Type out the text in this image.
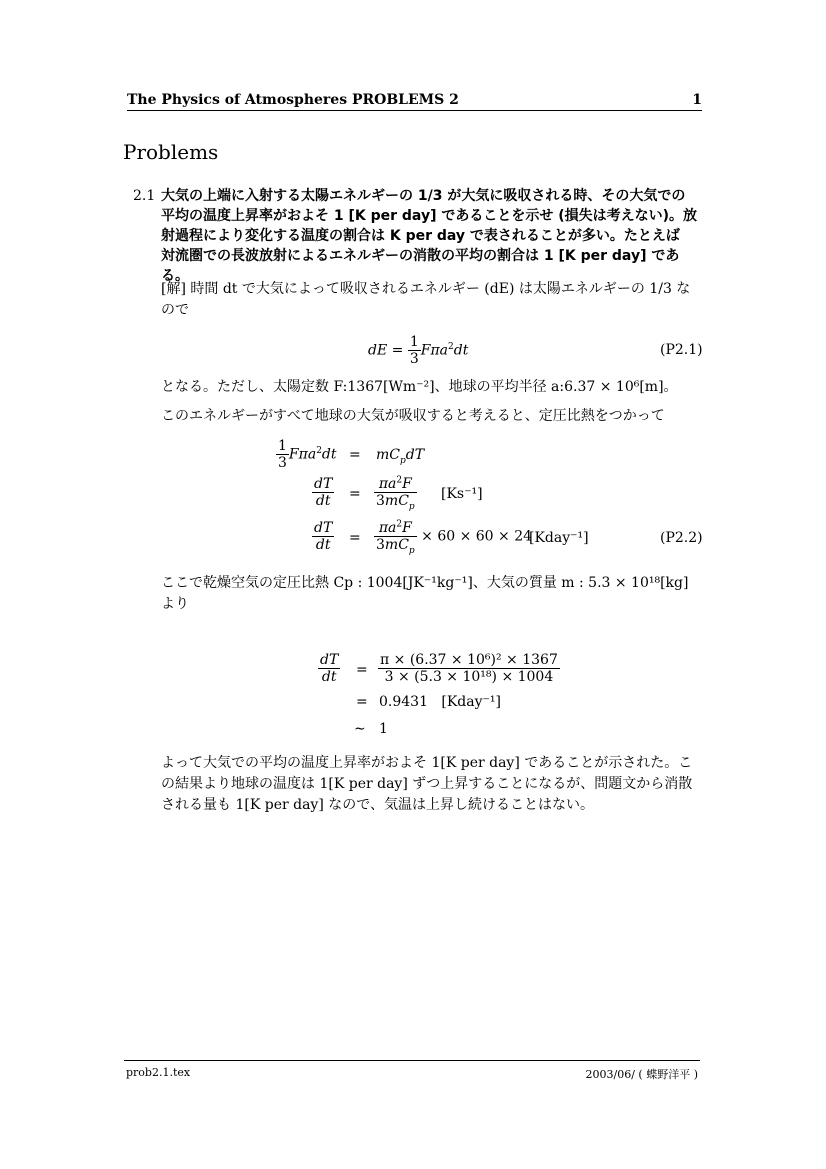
The Physics of Atmospheres PROBLEMS 2	1
Problems
2.1 大気の上端に入射する太陽エネルギーの 1/3 が大気に吸収される時、その大気での
平均の温度上昇率がおよそ 1 [K per day] であることを示せ (損失は考えない)。放
射過程により変化する温度の割合は K per day で表されることが多い。たとえば
対流圏での長波放射によるエネルギーの消散の平均の割合は 1 [K per day] である。
[解] 時間 dt で大気によって吸収されるエネルギー (dE) は太陽エネルギーの 1/3 な
ので
dE = $\frac{1}{3} F\pi a^2dt$	(P2.1)
となる。ただし、太陽定数 F:1367[Wm⁻²]、地球の平均半径 a:6.37 × 10⁶[m]。
このエネルギーがすべて地球の大気が吸収すると考えると、定圧比熱をつかって
$\frac{1}{3} F\pi a^2dt = mC_pdT$
$\frac{dT}{dt} = \frac{\pi a^2F}{3mC_p} [Ks^{-1}]$
$\frac{dT}{dt} = \frac{\pi a^2F}{3mC_p} \times 60 \times 60 \times 24$
[Kday⁻¹]	(P2.2)
ここで乾燥空気の定圧比熱 Cp : 1004[JK⁻¹kg⁻¹]、大気の質量 m : 5.3 × 10¹⁸[kg]
より
$\frac{dT}{dt} = \frac{\text{π × (6.37 × 10⁶)² × 1367}}{\text{3 × (5.3 × 10¹⁸) × 1004}}$
= 0.9431 [Kday⁻¹]
∼ 1
よって大気での平均の温度上昇率がおよそ 1[K per day] であることが示された。こ
の結果より地球の温度は 1[K per day] ずつ上昇することになるが、問題文から消散
される量も 1[K per day] なので、気温は上昇し続けることはない。
prob2.1.tex	2003/06/ ( 蝶野洋平 )
